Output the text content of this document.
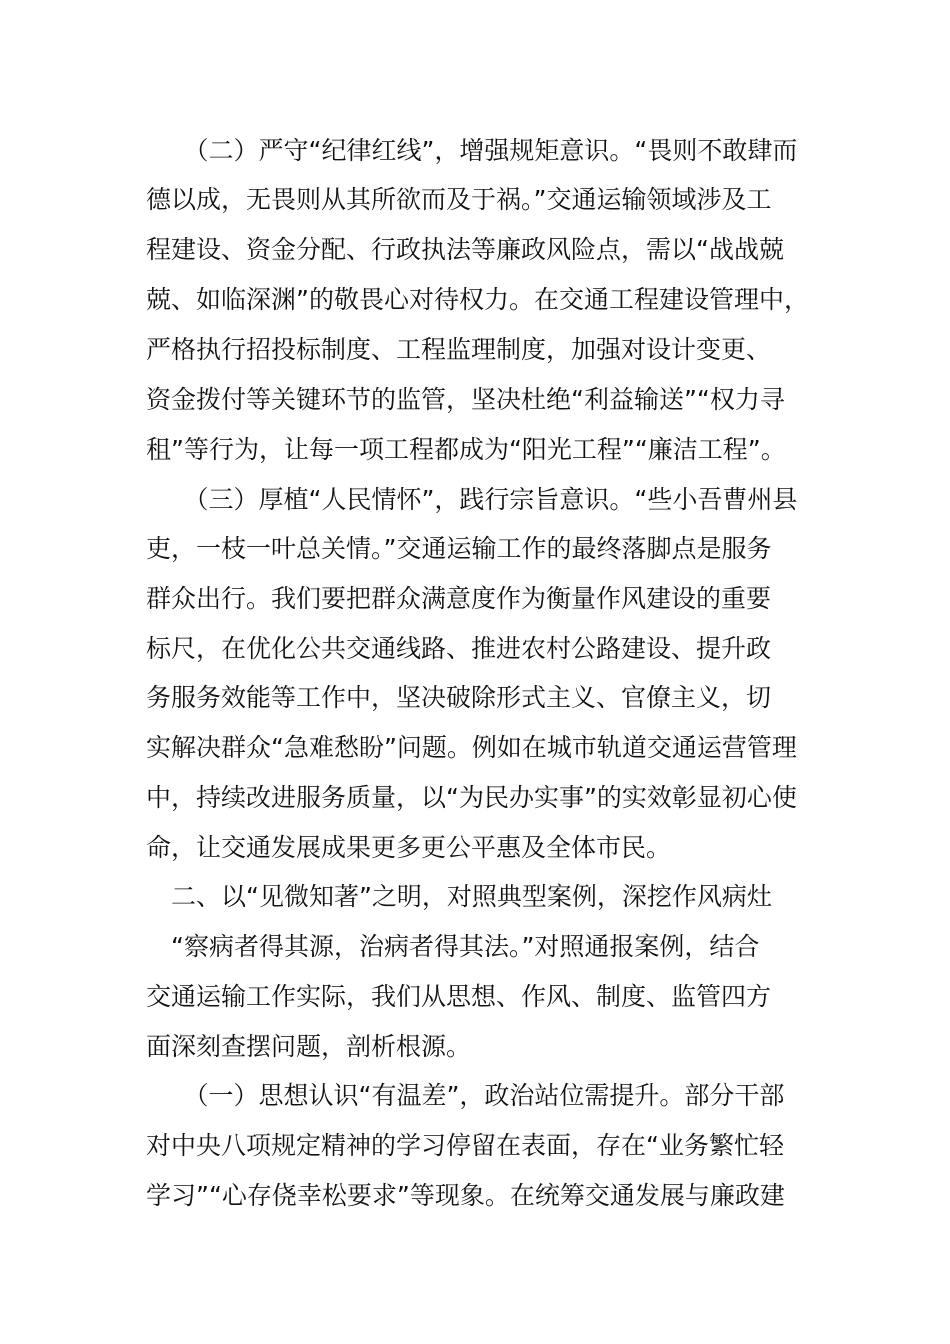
　　（二）严守“纪律红线”，增强规矩意识。“畏则不敢肆而
德以成，无畏则从其所欲而及于祸。”交通运输领域涉及工
程建设、资金分配、行政执法等廉政风险点，需以“战战兢
兢、如临深渊”的敬畏心对待权力。在交通工程建设管理中，
严格执行招投标制度、工程监理制度，加强对设计变更、
资金拨付等关键环节的监管，坚决杜绝“利益输送”“权力寻
租”等行为，让每一项工程都成为“阳光工程”“廉洁工程”。
　　（三）厚植“人民情怀”，践行宗旨意识。“些小吾曹州县
吏，一枝一叶总关情。”交通运输工作的最终落脚点是服务
群众出行。我们要把群众满意度作为衡量作风建设的重要
标尺，在优化公共交通线路、推进农村公路建设、提升政
务服务效能等工作中，坚决破除形式主义、官僚主义，切
实解决群众“急难愁盼”问题。例如在城市轨道交通运营管理
中，持续改进服务质量，以“为民办实事”的实效彰显初心使
命，让交通发展成果更多更公平惠及全体市民。
　二、以“见微知著”之明，对照典型案例，深挖作风病灶
　“察病者得其源，治病者得其法。”对照通报案例，结合
交通运输工作实际，我们从思想、作风、制度、监管四方
面深刻查摆问题，剖析根源。
　　（一）思想认识“有温差”，政治站位需提升。部分干部
对中央八项规定精神的学习停留在表面，存在“业务繁忙轻
学习”“心存侥幸松要求”等现象。在统筹交通发展与廉政建
